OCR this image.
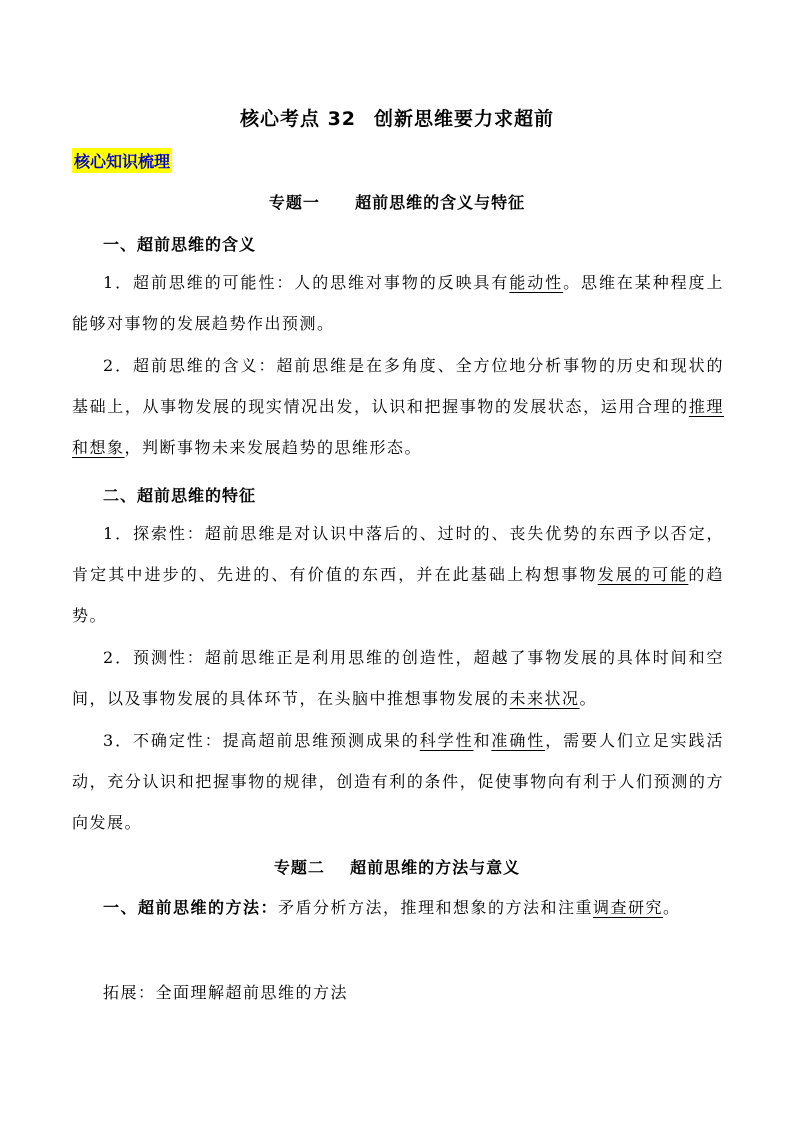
核心考点 32 创新思维要力求超前
核心知识梳理
专题一 超前思维的含义与特征
一、超前思维的含义
1．超前思维的可能性：人的思维对事物的反映具有能动性。思维在某种程度上能够对事物的发展趋势作出预测。
2．超前思维的含义：超前思维是在多角度、全方位地分析事物的历史和现状的基础上，从事物发展的现实情况出发，认识和把握事物的发展状态，运用合理的推理和想象，判断事物未来发展趋势的思维形态。
二、超前思维的特征
1．探索性：超前思维是对认识中落后的、过时的、丧失优势的东西予以否定，肯定其中进步的、先进的、有价值的东西，并在此基础上构想事物发展的可能的趋势。
2．预测性：超前思维正是利用思维的创造性，超越了事物发展的具体时间和空间，以及事物发展的具体环节，在头脑中推想事物发展的未来状况。
3．不确定性：提高超前思维预测成果的科学性和准确性，需要人们立足实践活动，充分认识和把握事物的规律，创造有利的条件，促使事物向有利于人们预测的方向发展。
专题二 超前思维的方法与意义
一、超前思维的方法：矛盾分析方法，推理和想象的方法和注重调查研究。
拓展：全面理解超前思维的方法
